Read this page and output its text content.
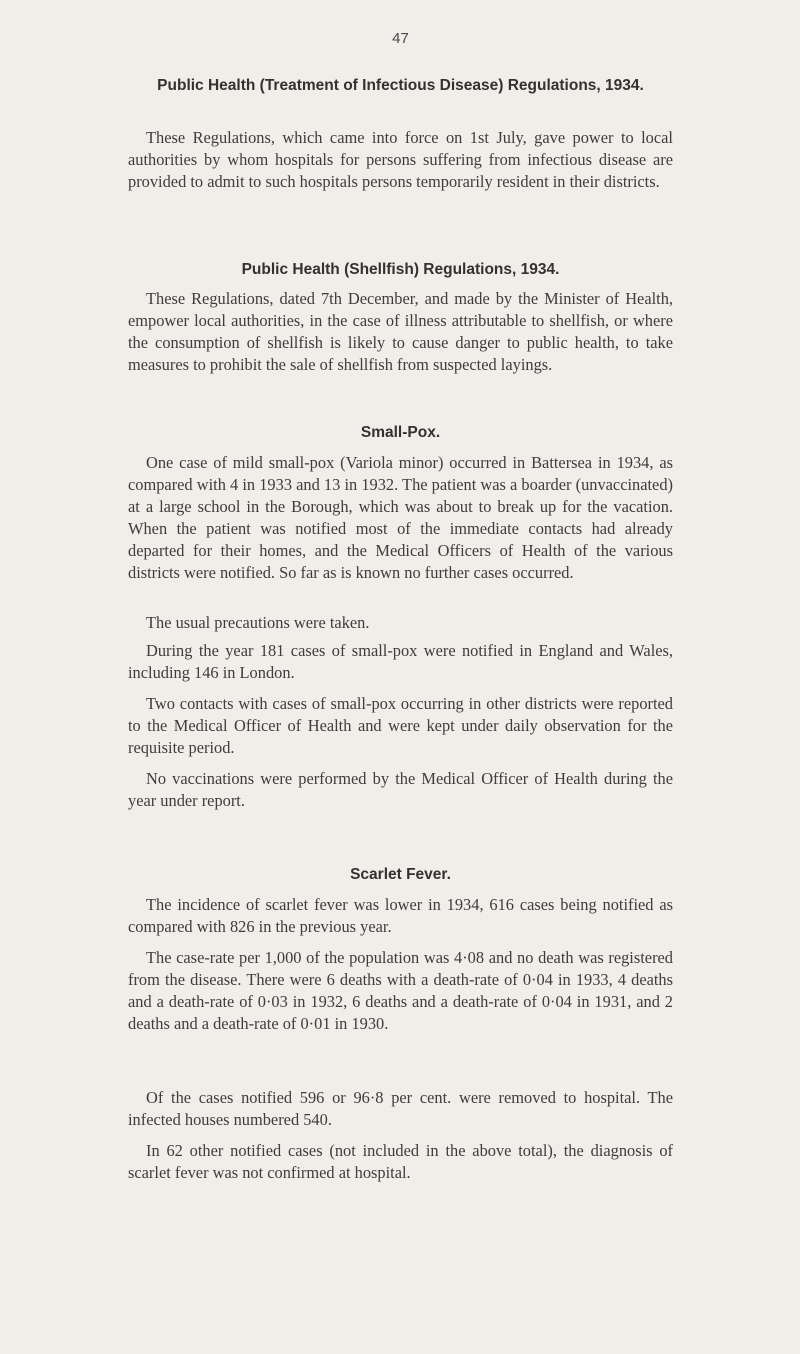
47
Public Health (Treatment of Infectious Disease) Regulations, 1934.

These Regulations, which came into force on 1st July, gave power to local authorities by whom hospitals for persons suffering from infectious disease are provided to admit to such hospitals persons temporarily resident in their districts.

Public Health (Shellfish) Regulations, 1934.

These Regulations, dated 7th December, and made by the Minister of Health, empower local authorities, in the case of illness attributable to shellfish, or where the consumption of shellfish is likely to cause danger to public health, to take measures to prohibit the sale of shellfish from suspected layings.

Small-Pox.

One case of mild small-pox (Variola minor) occurred in Battersea in 1934, as compared with 4 in 1933 and 13 in 1932. The patient was a boarder (unvaccinated) at a large school in the Borough, which was about to break up for the vacation. When the patient was notified most of the immediate contacts had already departed for their homes, and the Medical Officers of Health of the various districts were notified. So far as is known no further cases occurred.

The usual precautions were taken.

During the year 181 cases of small-pox were notified in England and Wales, including 146 in London.

Two contacts with cases of small-pox occurring in other districts were reported to the Medical Officer of Health and were kept under daily observation for the requisite period.

No vaccinations were performed by the Medical Officer of Health during the year under report.

Scarlet Fever.

The incidence of scarlet fever was lower in 1934, 616 cases being notified as compared with 826 in the previous year.

The case-rate per 1,000 of the population was 4·08 and no death was registered from the disease. There were 6 deaths with a death-rate of 0·04 in 1933, 4 deaths and a death-rate of 0·03 in 1932, 6 deaths and a death-rate of 0·04 in 1931, and 2 deaths and a death-rate of 0·01 in 1930.

Of the cases notified 596 or 96·8 per cent. were removed to hospital. The infected houses numbered 540.

In 62 other notified cases (not included in the above total), the diagnosis of scarlet fever was not confirmed at hospital.
